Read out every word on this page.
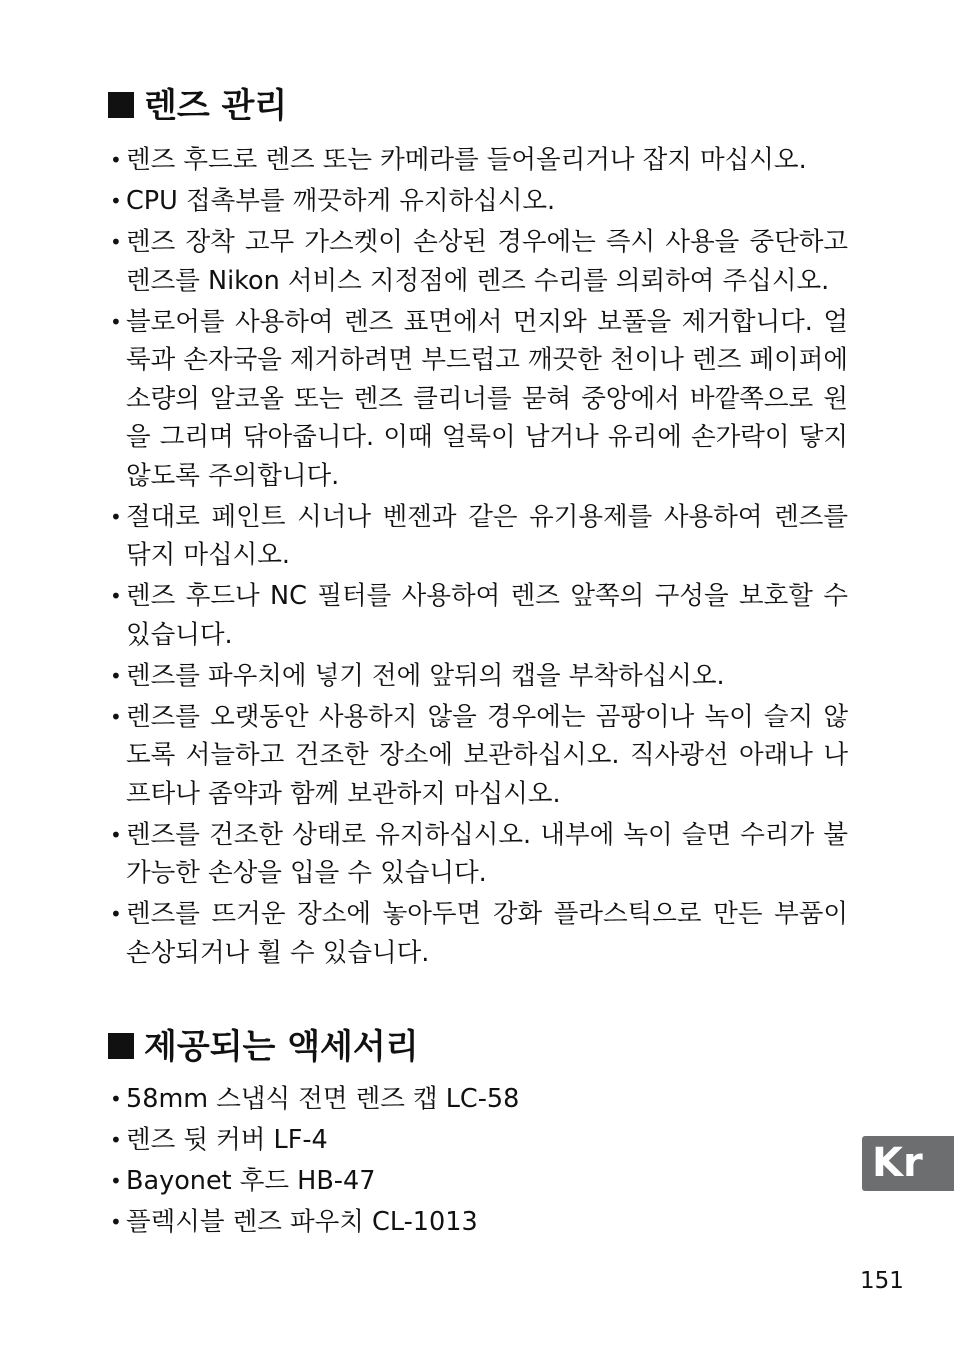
렌즈 관리
• 렌즈 후드로 렌즈 또는 카메라를 들어올리거나 잡지 마십시오.
• CPU 접촉부를 깨끗하게 유지하십시오.
• 렌즈 장착 고무 가스켓이 손상된 경우에는 즉시 사용을 중단하고 렌즈를 Nikon 서비스 지정점에 렌즈 수리를 의뢰하여 주십시오.
• 블로어를 사용하여 렌즈 표면에서 먼지와 보풀을 제거합니다. 얼룩과 손자국을 제거하려면 부드럽고 깨끗한 천이나 렌즈 페이퍼에 소량의 알코올 또는 렌즈 클리너를 묻혀 중앙에서 바깥쪽으로 원을 그리며 닦아줍니다. 이때 얼룩이 남거나 유리에 손가락이 닿지 않도록 주의합니다.
• 절대로 페인트 시너나 벤젠과 같은 유기용제를 사용하여 렌즈를 닦지 마십시오.
• 렌즈 후드나 NC 필터를 사용하여 렌즈 앞쪽의 구성을 보호할 수 있습니다.
• 렌즈를 파우치에 넣기 전에 앞뒤의 캡을 부착하십시오.
• 렌즈를 오랫동안 사용하지 않을 경우에는 곰팡이나 녹이 슬지 않도록 서늘하고 건조한 장소에 보관하십시오. 직사광선 아래나 나프타나 좀약과 함께 보관하지 마십시오.
• 렌즈를 건조한 상태로 유지하십시오. 내부에 녹이 슬면 수리가 불가능한 손상을 입을 수 있습니다.
• 렌즈를 뜨거운 장소에 놓아두면 강화 플라스틱으로 만든 부품이 손상되거나 휠 수 있습니다.
제공되는 액세서리
• 58mm 스냅식 전면 렌즈 캡 LC-58
• 렌즈 뒷 커버 LF-4
• Bayonet 후드 HB-47
• 플렉시블 렌즈 파우치 CL-1013
Kr
151
